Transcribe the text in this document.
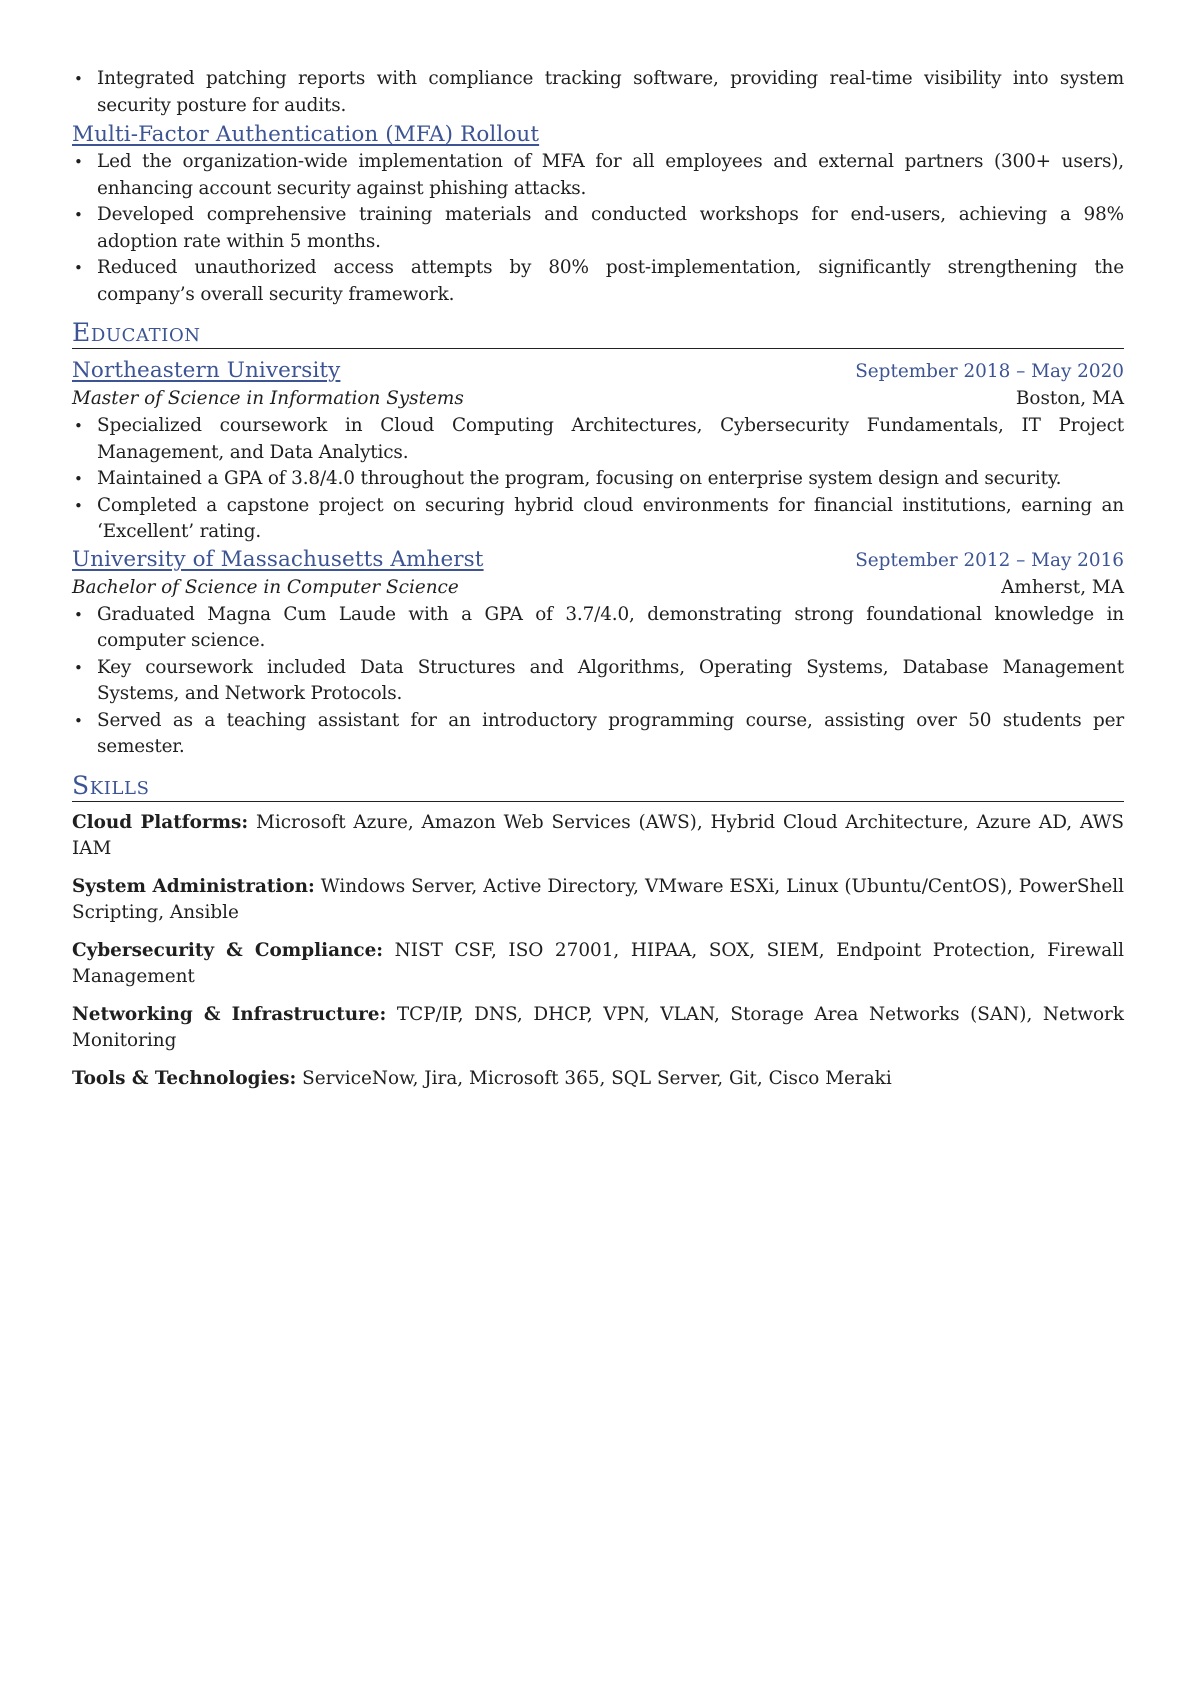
• Integrated patching reports with compliance tracking software, providing real-time visibility into system security posture for audits.
Multi-Factor Authentication (MFA) Rollout
• Led the organization-wide implementation of MFA for all employees and external partners (300+ users), enhancing account security against phishing attacks.
• Developed comprehensive training materials and conducted workshops for end-users, achieving a 98% adoption rate within 5 months.
• Reduced unauthorized access attempts by 80% post-implementation, significantly strengthening the company’s overall security framework.
Education
Northeastern University	September 2018 – May 2020
Master of Science in Information Systems	Boston, MA
• Specialized coursework in Cloud Computing Architectures, Cybersecurity Fundamentals, IT Project Management, and Data Analytics.
• Maintained a GPA of 3.8/4.0 throughout the program, focusing on enterprise system design and security.
• Completed a capstone project on securing hybrid cloud environments for financial institutions, earning an ‘Excellent’ rating.
University of Massachusetts Amherst	September 2012 – May 2016
Bachelor of Science in Computer Science	Amherst, MA
• Graduated Magna Cum Laude with a GPA of 3.7/4.0, demonstrating strong foundational knowledge in computer science.
• Key coursework included Data Structures and Algorithms, Operating Systems, Database Management Systems, and Network Protocols.
• Served as a teaching assistant for an introductory programming course, assisting over 50 students per semester.
Skills
Cloud Platforms: Microsoft Azure, Amazon Web Services (AWS), Hybrid Cloud Architecture, Azure AD, AWS IAM
System Administration: Windows Server, Active Directory, VMware ESXi, Linux (Ubuntu/CentOS), PowerShell Scripting, Ansible
Cybersecurity & Compliance: NIST CSF, ISO 27001, HIPAA, SOX, SIEM, Endpoint Protection, Firewall Management
Networking & Infrastructure: TCP/IP, DNS, DHCP, VPN, VLAN, Storage Area Networks (SAN), Network Monitoring
Tools & Technologies: ServiceNow, Jira, Microsoft 365, SQL Server, Git, Cisco Meraki
